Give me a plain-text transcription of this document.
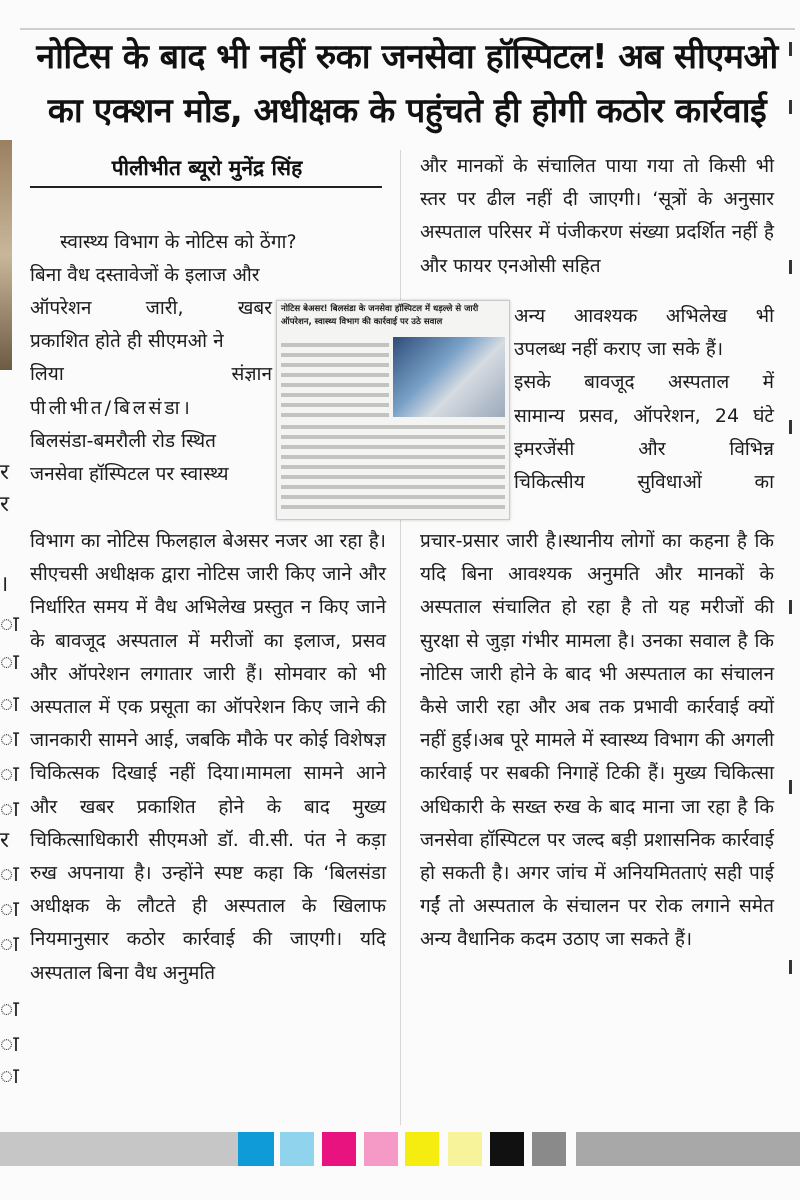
र
र
।
ा
ा
ा
ा
ा
ा
र
ा
ा
ा
ा
ा
ा
नोटिस के बाद भी नहीं रुका जनसेवा हॉस्पिटल! अब सीएमओ
का एक्शन मोड, अधीक्षक के पहुंचते ही होगी कठोर कार्रवाई
पीलीभीत ब्यूरो मुनेंद्र सिंह

स्वास्थ्य विभाग के नोटिस को ठेंगा?

बिना वैध दस्तावेजों के इलाज और

ऑपरेशन जारी, खबर

प्रकाशित होते ही सीएमओ ने

लिया संज्ञान

पीलीभीत/बिलसंडा।

बिलसंडा-बमरौली रोड स्थित

जनसेवा हॉस्पिटल पर स्वास्थ्य

विभाग का नोटिस फिलहाल बेअसर नजर आ रहा है। सीएचसी अधीक्षक द्वारा नोटिस जारी किए जाने और निर्धारित समय में वैध अभिलेख प्रस्तुत न किए जाने के बावजूद अस्पताल में मरीजों का इलाज, प्रसव और ऑपरेशन लगातार जारी हैं। सोमवार को भी अस्पताल में एक प्रसूता का ऑपरेशन किए जाने की जानकारी सामने आई, जबकि मौके पर कोई विशेषज्ञ चिकित्सक दिखाई नहीं दिया।मामला सामने आने और खबर प्रकाशित होने के बाद मुख्य चिकित्साधिकारी सीएमओ डॉ. वी.सी. पंत ने कड़ा रुख अपनाया है। उन्होंने स्पष्ट कहा कि ‘बिलसंडा अधीक्षक के लौटते ही अस्पताल के खिलाफ नियमानुसार कठोर कार्रवाई की जाएगी। यदि अस्पताल बिना वैध अनुमति

नोटिस बेअसर! बिलसंडा के जनसेवा हॉस्पिटल में धड़ल्ले से जारी ऑपरेशन, स्वास्थ्य विभाग की कार्रवाई पर उठे सवाल

और मानकों के संचालित पाया गया तो किसी भी स्तर पर ढील नहीं दी जाएगी। ‘सूत्रों के अनुसार अस्पताल परिसर में पंजीकरण संख्या प्रदर्शित नहीं है और फायर एनओसी सहित

अन्य आवश्यक अभिलेख भी

उपलब्ध नहीं कराए जा सके हैं।

इसके बावजूद अस्पताल में

सामान्य प्रसव, ऑपरेशन, 24 घंटे

इमरजेंसी और विभिन्न

चिकित्सीय सुविधाओं का

प्रचार-प्रसार जारी है।स्थानीय लोगों का कहना है कि यदि बिना आवश्यक अनुमति और मानकों के अस्पताल संचालित हो रहा है तो यह मरीजों की सुरक्षा से जुड़ा गंभीर मामला है। उनका सवाल है कि नोटिस जारी होने के बाद भी अस्पताल का संचालन कैसे जारी रहा और अब तक प्रभावी कार्रवाई क्यों नहीं हुई।अब पूरे मामले में स्वास्थ्य विभाग की अगली कार्रवाई पर सबकी निगाहें टिकी हैं। मुख्य चिकित्सा अधिकारी के सख्त रुख के बाद माना जा रहा है कि जनसेवा हॉस्पिटल पर जल्द बड़ी प्रशासनिक कार्रवाई हो सकती है। अगर जांच में अनियमितताएं सही पाई गईं तो अस्पताल के संचालन पर रोक लगाने समेत अन्य वैधानिक कदम उठाए जा सकते हैं।
